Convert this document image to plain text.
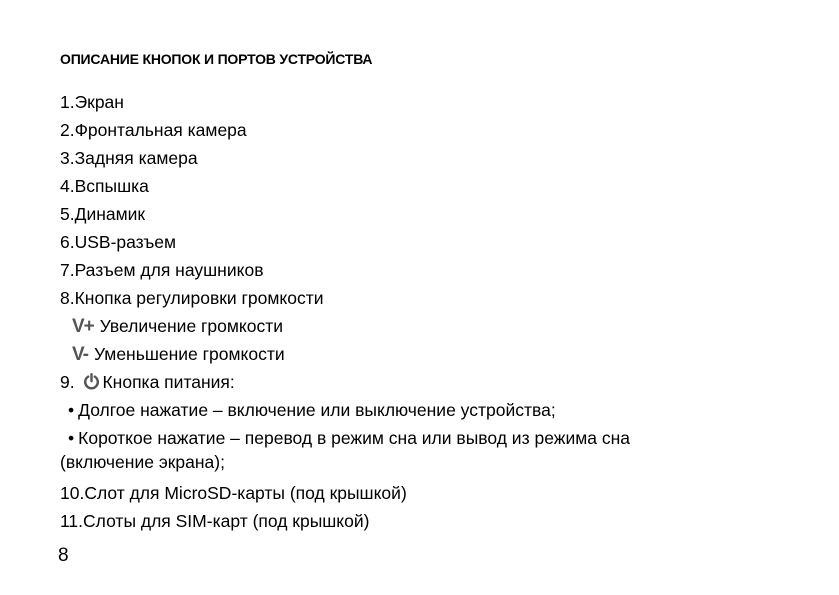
ОПИСАНИЕ КНОПОК И ПОРТОВ УСТРОЙСТВА
1.Экран
2.Фронтальная камера
3.Задняя камера
4.Вспышка
5.Динамик
6.USB-разъем
7.Разъем для наушников
8.Кнопка регулировки громкости
V+ Увеличение громкости
V- Уменьшение громкости
9. Кнопка питания:
• Долгое нажатие – включение или выключение устройства;
• Короткое нажатие – перевод в режим сна или вывод из режима сна
(включение экрана);
10.Слот для MicroSD-карты (под крышкой)
11.Слоты для SIM-карт (под крышкой)
8
